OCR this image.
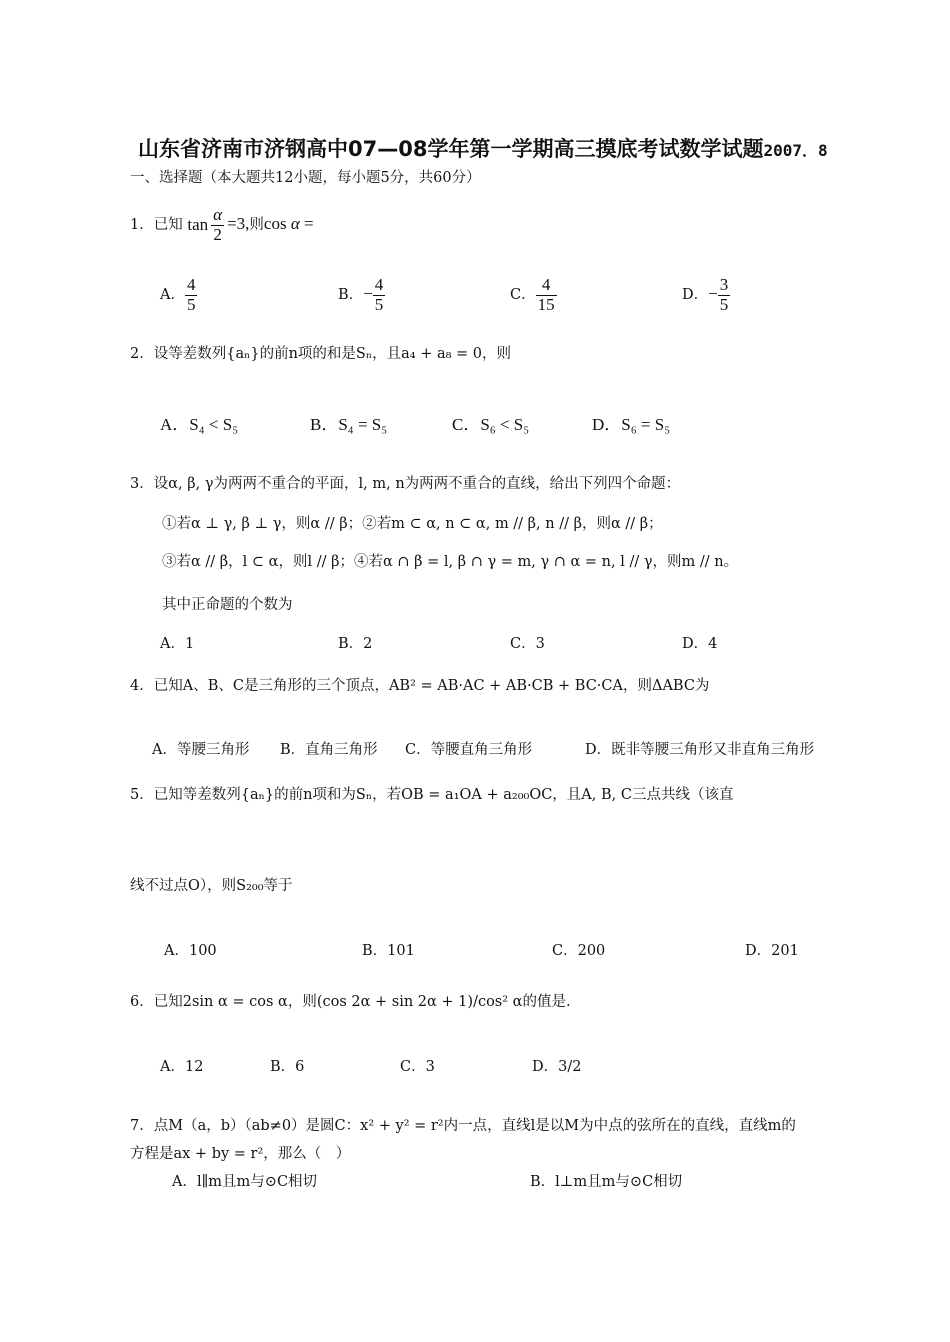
山东省济南市济钢高中07—08学年第一学期高三摸底考试数学试题2007．8
一、选择题（本大题共12小题，每小题5分，共60分）
1．已知 $\tan \frac{\alpha}{2} =3$,则cos α =
A． $\frac{4}{5}$	B．− $\frac{4}{5}$	C． $\frac{4}{15}$	D．− $\frac{3}{5}$
2．设等差数列{aₙ}的前n项的和是Sₙ，且a₄ + a₈ = 0，则
A．S₄ < S₅	B．S₄ = S₅	C．S₆ < S₅	D．S₆ = S₅
3．设α, β, γ为两两不重合的平面，l, m, n为两两不重合的直线，给出下列四个命题：
①若α ⊥ γ, β ⊥ γ，则α // β；②若m ⊂ α, n ⊂ α, m // β, n // β，则α // β；
③若α // β，l ⊂ α，则l // β；④若α ∩ β = l, β ∩ γ = m, γ ∩ α = n, l // γ，则m // n。
其中正命题的个数为
A．1	B．2	C．3	D．4
4．已知A、B、C是三角形的三个顶点，AB² = AB·AC + AB·CB + BC·CA，则ΔABC为
A．等腰三角形 B．直角三角形 C．等腰直角三角形	D．既非等腰三角形又非直角三角形
5．已知等差数列{aₙ}的前n项和为Sₙ，若OB = a₁OA + a₂₀₀OC，且A, B, C三点共线（该直
线不过点O），则S₂₀₀等于
A．100	B．101	C．200	D．201
6．已知2sin α = cos α，则(cos 2α + sin 2α + 1)/cos² α的值是.
A．12	B．6	C．3	D．3/2
7．点M（a，b）（ab≠0）是圆C：x² + y² = r²内一点，直线l是以M为中点的弦所在的直线，直线m的
方程是ax + by = r²，那么（　）
A．l∥m且m与⊙C相切	B．l⊥m且m与⊙C相切
